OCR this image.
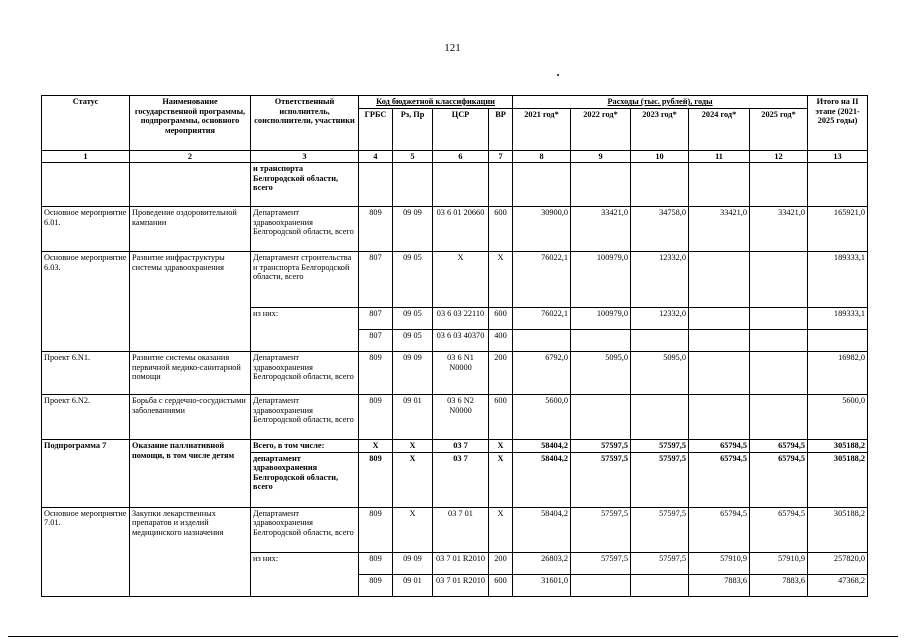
121
Статус	Наименование государственной программы, подпрограммы, основного мероприятия	Ответственный исполнитель, соисполнители, участники	Код бюджетной классификации				Расходы (тыс. рублей), годы					Итого на II этапе (2021-2025 годы)
			ГРБС	Рз, Пр	ЦСР	ВР	2021 год*	2022 год*	2023 год*	2024 год*	2025 год*	
1	2	3	4	5	6	7	8	9	10	11	12	13
		и транспорта Белгородской области, всего										
Основное мероприятие 6.01.	Проведение оздоровительной кампании	Департамент здравоохранения Белгородской области, всего	809	09 09	03 6 01 20660	600	30900,0	33421,0	34758,0	33421,0	33421,0	165921,0
Основное мероприятие 6.03.	Развитие инфраструктуры системы здравоохранения	Департамент строительства и транспорта Белгородской области, всего	807	09 05	X	X	76022,1	100979,0	12332,0			189333,1
		из них:	807	09 05	03 6 03 22110	600	76022,1	100979,0	12332,0			189333,1
			807	09 05	03 6 03 40370	400						
Проект 6.N1.	Развитие системы оказания первичной медико-санитарной помощи	Департамент здравоохранения Белгородской области, всего	809	09 09	03 6 N1 N0000	200	6792,0	5095,0	5095,0			16982,0
Проект 6.N2.	Борьба с сердечно-сосудистыми заболеваниями	Департамент здравоохранения Белгородской области, всего	809	09 01	03 6 N2 N0000	600	5600,0					5600,0
Подпрограмма 7	Оказание паллиативной помощи, в том числе детям	Всего, в том числе:	X	X	03 7	X	58404,2	57597,5	57597,5	65794,5	65794,5	305188,2
		департамент здравоохранения Белгородской области, всего	809	X	03 7	X	58404,2	57597,5	57597,5	65794,5	65794,5	305188,2
Основное мероприятие 7.01.	Закупки лекарственных препаратов и изделий медицинского назначения	Департамент здравоохранения Белгородской области, всего	809	X	03 7 01	X	58404,2	57597,5	57597,5	65794,5	65794,5	305188,2
		из них:	809	09 09	03 7 01 R2010	200	26803,2	57597,5	57597,5	57910,9	57910,9	257820,0
			809	09 01	03 7 01 R2010	600	31601,0			7883,6	7883,6	47368,2
